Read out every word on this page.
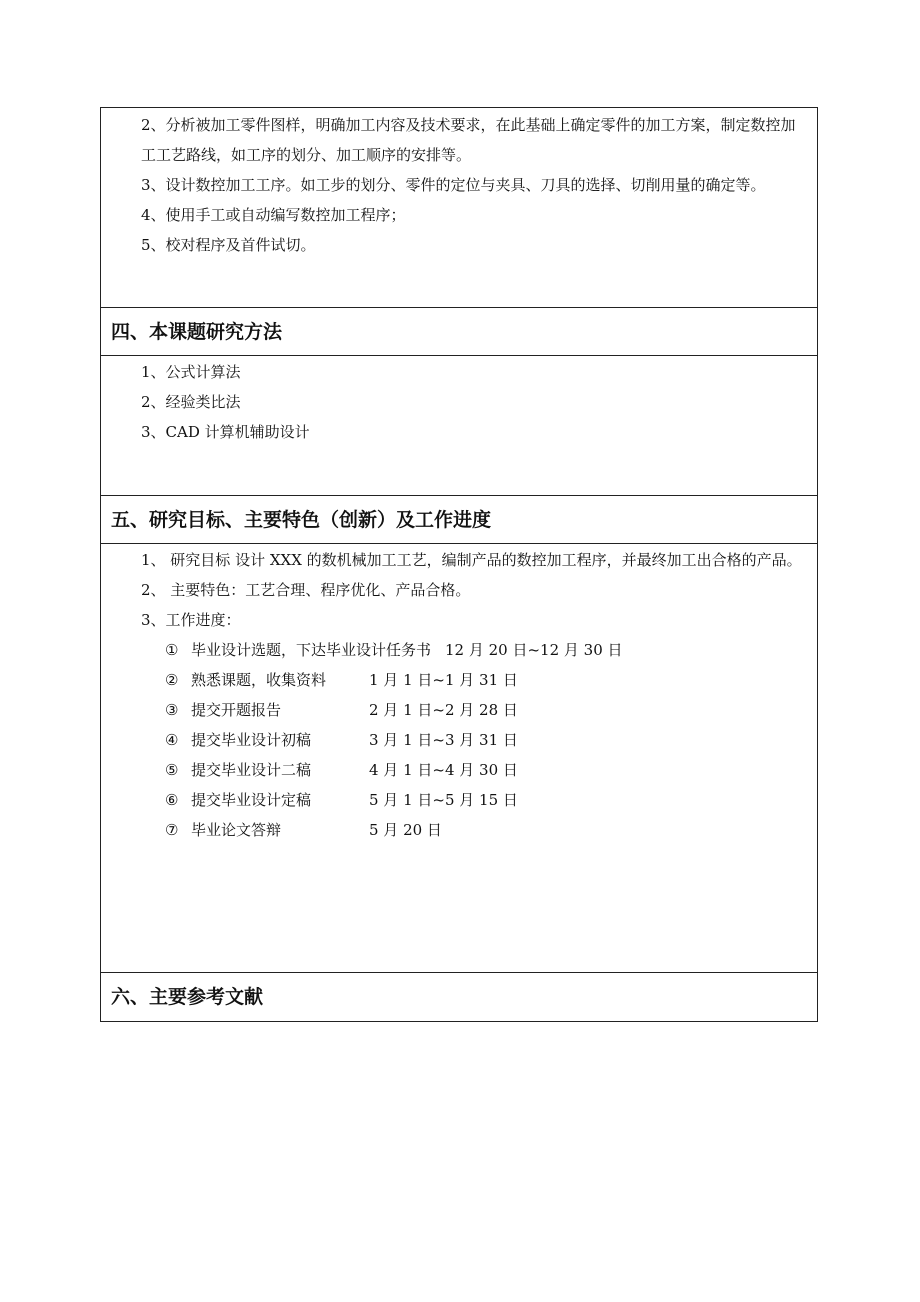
2、分析被加工零件图样，明确加工内容及技术要求，在此基础上确定零件的加工方案，制定数控加工工艺路线，如工序的划分、加工顺序的安排等。
3、设计数控加工工序。如工步的划分、零件的定位与夹具、刀具的选择、切削用量的确定等。
4、使用手工或自动编写数控加工程序；
5、校对程序及首件试切。
四、本课题研究方法
1、公式计算法
2、经验类比法
3、CAD 计算机辅助设计
五、研究目标、主要特色（创新）及工作进度
1、 研究目标 设计 XXX 的数机械加工工艺，编制产品的数控加工程序，并最终加工出合格的产品。
2、 主要特色：工艺合理、程序优化、产品合格。
3、工作进度：
① 毕业设计选题，下达毕业设计任务书 12 月 20 日~12 月 30 日
② 熟悉课题，收集资料	1 月 1 日~1 月 31 日
③ 提交开题报告	2 月 1 日~2 月 28 日
④ 提交毕业设计初稿	3 月 1 日~3 月 31 日
⑤ 提交毕业设计二稿	4 月 1 日~4 月 30 日
⑥ 提交毕业设计定稿	5 月 1 日~5 月 15 日
⑦ 毕业论文答辩	5 月 20 日
六、主要参考文献
